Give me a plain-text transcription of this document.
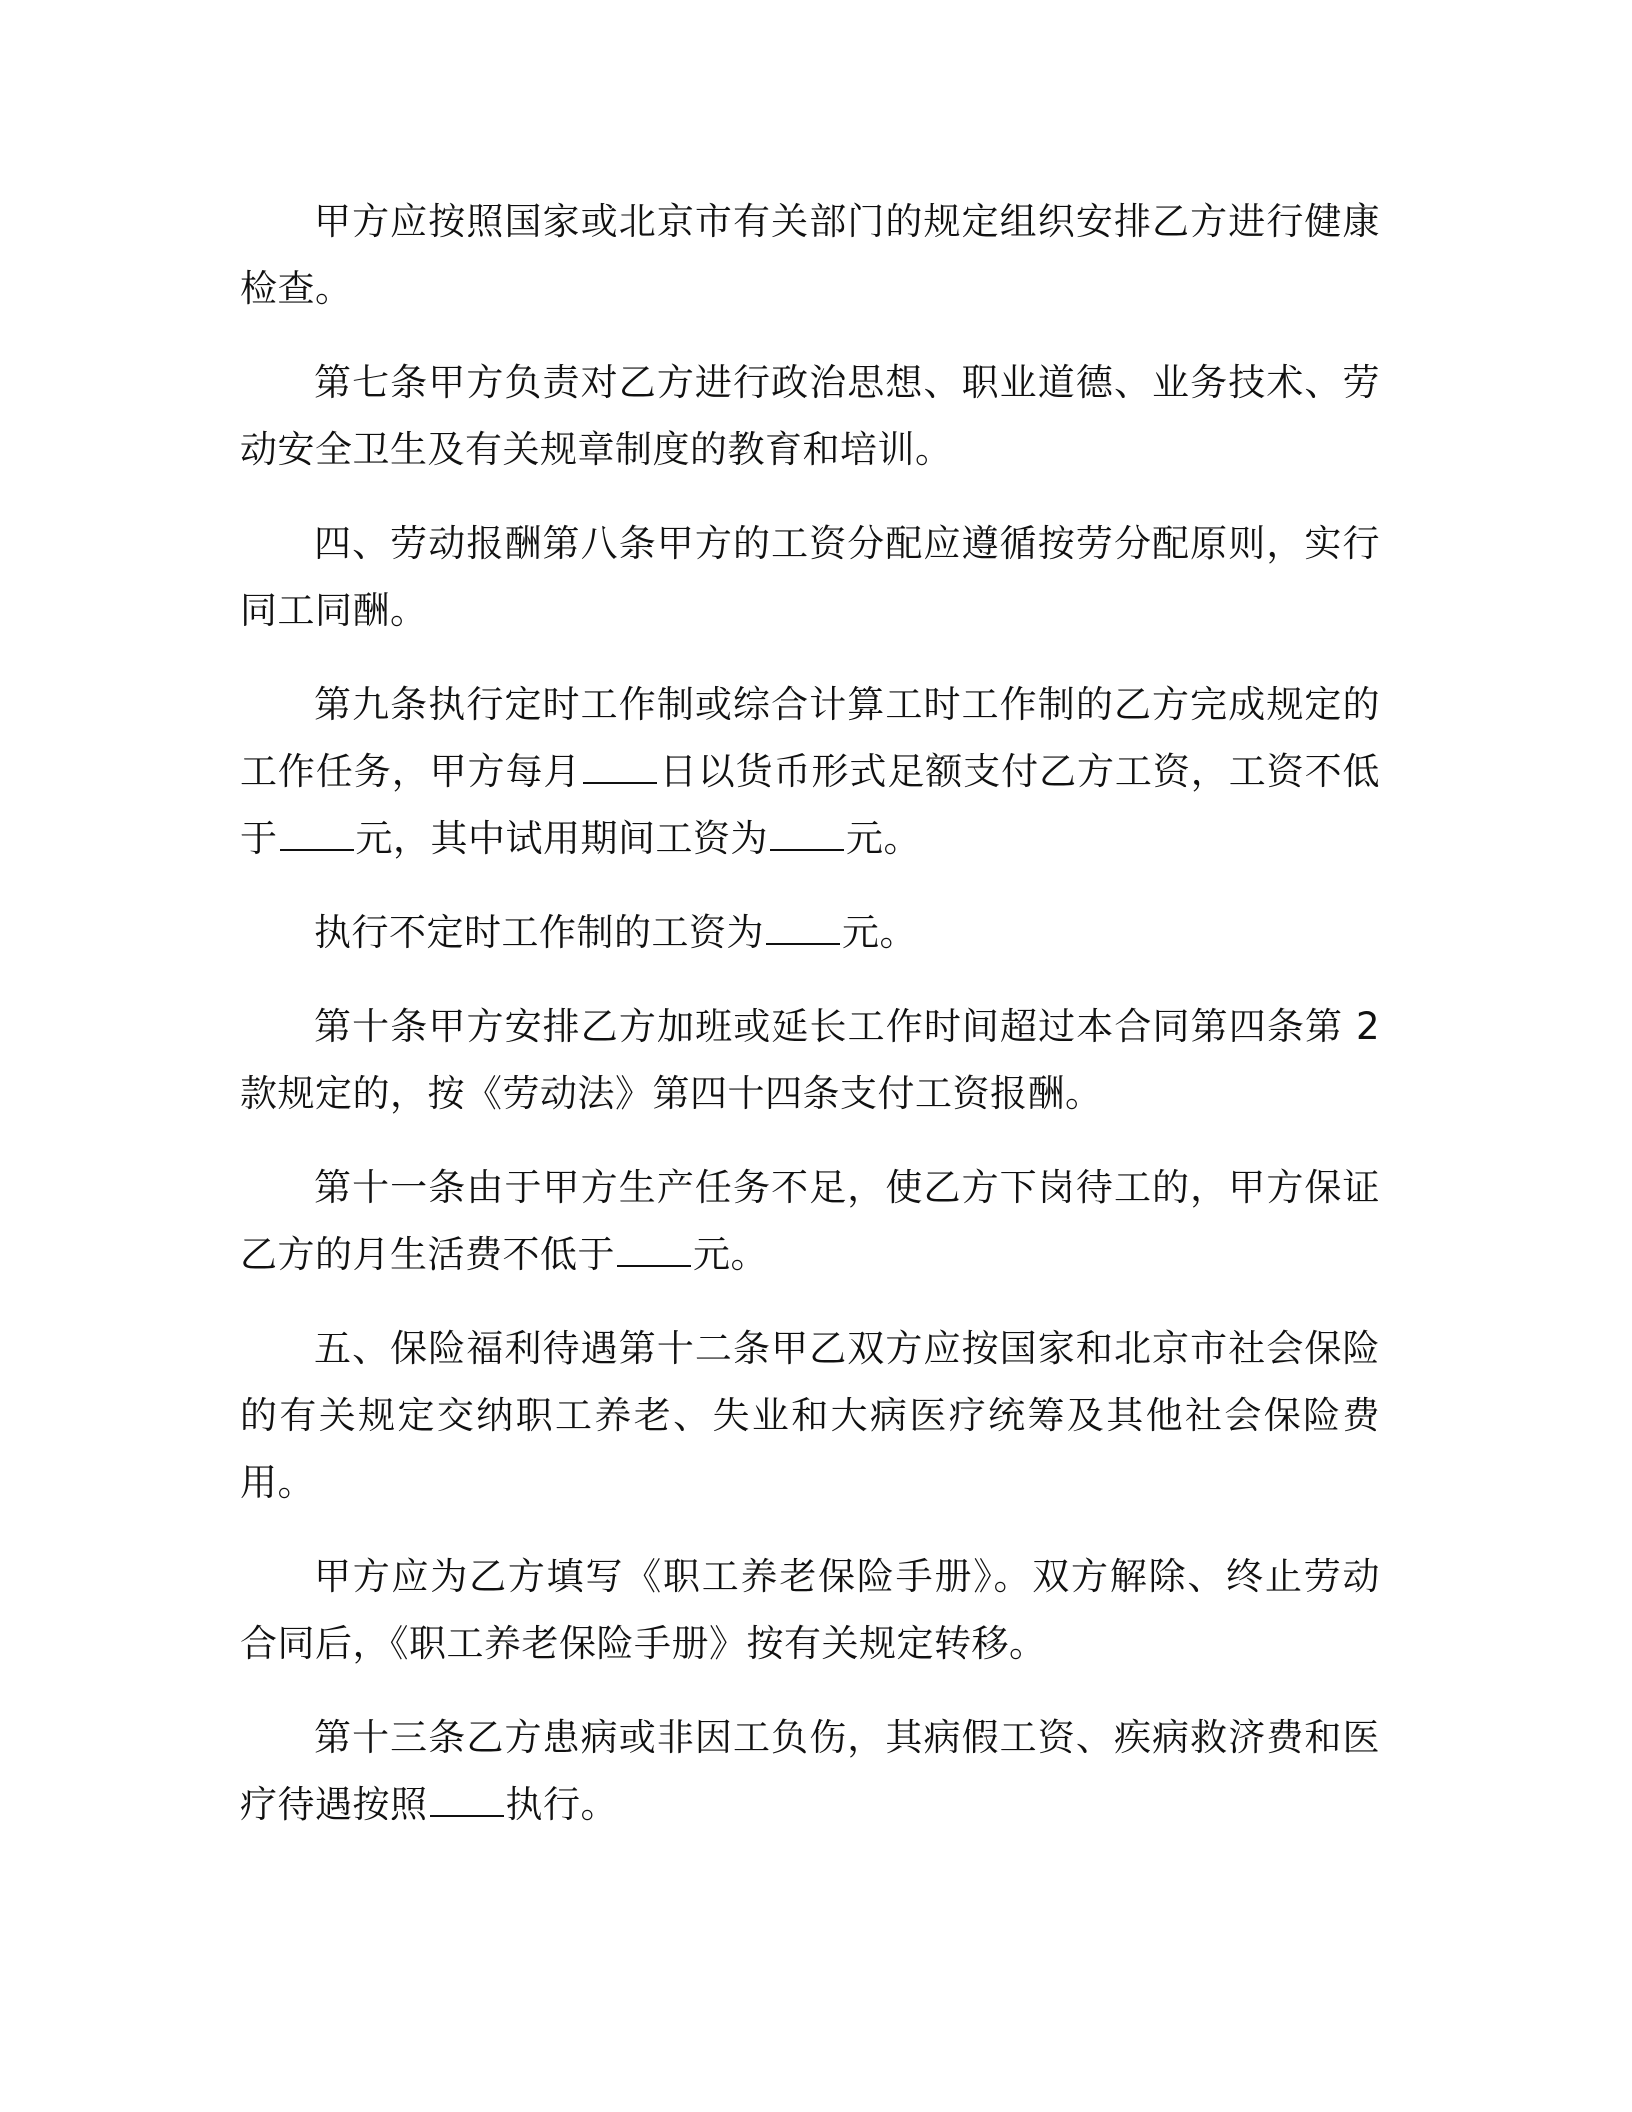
甲方应按照国家或北京市有关部门的规定组织安排乙方进行健康检查。

第七条甲方负责对乙方进行政治思想、职业道德、业务技术、劳动安全卫生及有关规章制度的教育和培训。

四、劳动报酬第八条甲方的工资分配应遵循按劳分配原则，实行同工同酬。

第九条执行定时工作制或综合计算工时工作制的乙方完成规定的工作任务，甲方每月 日以货币形式足额支付乙方工资，工资不低于 元，其中试用期间工资为 元。

执行不定时工作制的工资为 元。

第十条甲方安排乙方加班或延长工作时间超过本合同第四条第 2 款规定的，按《劳动法》第四十四条支付工资报酬。

第十一条由于甲方生产任务不足，使乙方下岗待工的，甲方保证乙方的月生活费不低于 元。

五、保险福利待遇第十二条甲乙双方应按国家和北京市社会保险的有关规定交纳职工养老、失业和大病医疗统筹及其他社会保险费用。

甲方应为乙方填写《职工养老保险手册》。双方解除、终止劳动合同后，《职工养老保险手册》按有关规定转移。

第十三条乙方患病或非因工负伤，其病假工资、疾病救济费和医疗待遇按照 执行。
